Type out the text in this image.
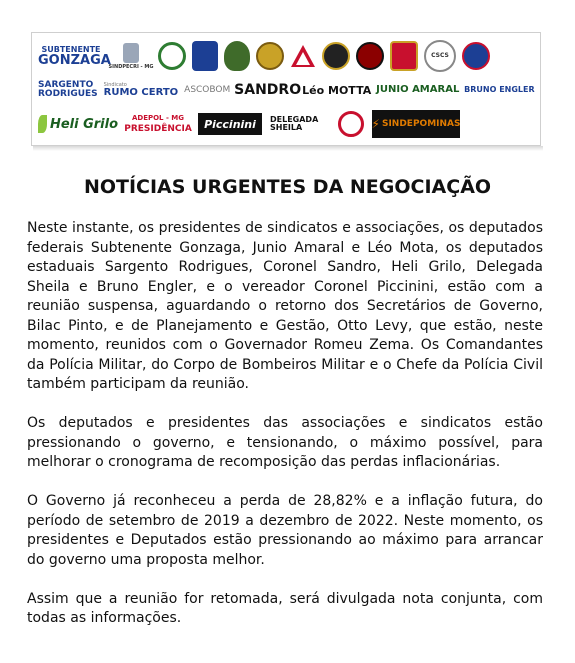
SUBTENENTE
GONZAGA
SINDPECRI - MG
CSCS
SARGENTO
RODRIGUES
Sindicato
RUMO CERTO ASCOBOM SANDRO Léo MOTTA JUNIO AMARAL BRUNO ENGLER
Heli Grilo ADEPOL - MG
PRESIDÊNCIA Piccinini DELEGADA
SHEILA	⚡ SINDEPOMINAS
NOTÍCIAS URGENTES DA NEGOCIAÇÃO

Neste instante, os presidentes de sindicatos e associações, os deputados federais Subtenente Gonzaga, Junio Amaral e Léo Mota, os deputados estaduais Sargento Rodrigues, Coronel Sandro, Heli Grilo, Delegada Sheila e Bruno Engler, e o vereador Coronel Piccinini, estão com a reunião suspensa, aguardando o retorno dos Secretários de Governo, Bilac Pinto, e de Planejamento e Gestão, Otto Levy, que estão, neste momento, reunidos com o Governador Romeu Zema. Os Comandantes da Polícia Militar, do Corpo de Bombeiros Militar e o Chefe da Polícia Civil também participam da reunião.

Os deputados e presidentes das associações e sindicatos estão pressionando o governo, e tensionando, o máximo possível, para melhorar o cronograma de recomposição das perdas inflacionárias.

O Governo já reconheceu a perda de 28,82% e a inflação futura, do período de setembro de 2019 a dezembro de 2022. Neste momento, os presidentes e Deputados estão pressionando ao máximo para arrancar do governo uma proposta melhor.

Assim que a reunião for retomada, será divulgada nota conjunta, com todas as informações.
